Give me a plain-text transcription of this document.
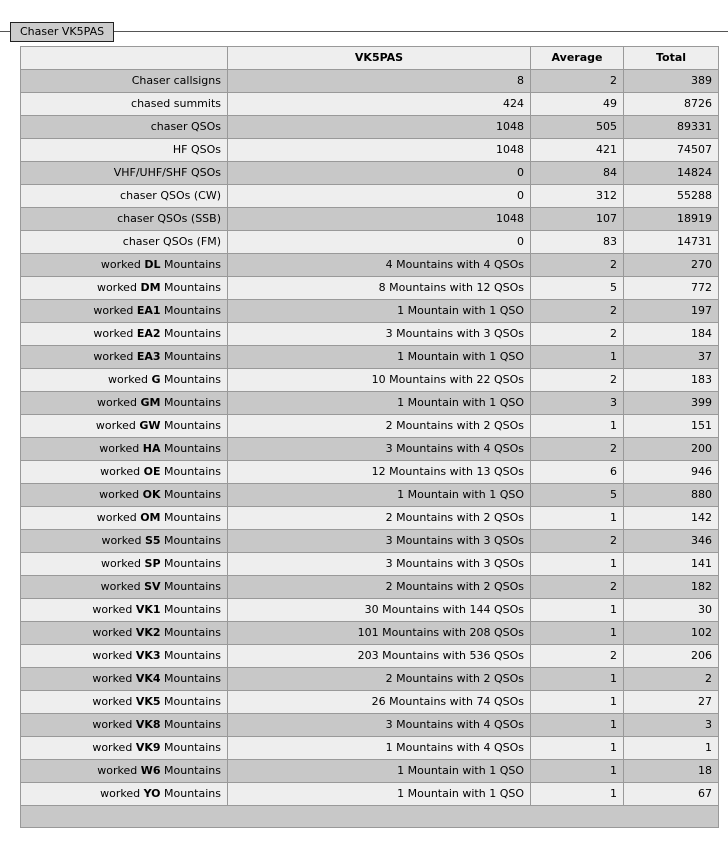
Chaser VK5PAS
	VK5PAS	Average	Total
Chaser callsigns	8	2	389
chased summits	424	49	8726
chaser QSOs	1048	505	89331
HF QSOs	1048	421	74507
VHF/UHF/SHF QSOs	0	84	14824
chaser QSOs (CW)	0	312	55288
chaser QSOs (SSB)	1048	107	18919
chaser QSOs (FM)	0	83	14731
worked DL Mountains	4 Mountains with 4 QSOs	2	270
worked DM Mountains	8 Mountains with 12 QSOs	5	772
worked EA1 Mountains	1 Mountain with 1 QSO	2	197
worked EA2 Mountains	3 Mountains with 3 QSOs	2	184
worked EA3 Mountains	1 Mountain with 1 QSO	1	37
worked G Mountains	10 Mountains with 22 QSOs	2	183
worked GM Mountains	1 Mountain with 1 QSO	3	399
worked GW Mountains	2 Mountains with 2 QSOs	1	151
worked HA Mountains	3 Mountains with 4 QSOs	2	200
worked OE Mountains	12 Mountains with 13 QSOs	6	946
worked OK Mountains	1 Mountain with 1 QSO	5	880
worked OM Mountains	2 Mountains with 2 QSOs	1	142
worked S5 Mountains	3 Mountains with 3 QSOs	2	346
worked SP Mountains	3 Mountains with 3 QSOs	1	141
worked SV Mountains	2 Mountains with 2 QSOs	2	182
worked VK1 Mountains	30 Mountains with 144 QSOs	1	30
worked VK2 Mountains	101 Mountains with 208 QSOs	1	102
worked VK3 Mountains	203 Mountains with 536 QSOs	2	206
worked VK4 Mountains	2 Mountains with 2 QSOs	1	2
worked VK5 Mountains	26 Mountains with 74 QSOs	1	27
worked VK8 Mountains	3 Mountains with 4 QSOs	1	3
worked VK9 Mountains	1 Mountains with 4 QSOs	1	1
worked W6 Mountains	1 Mountain with 1 QSO	1	18
worked YO Mountains	1 Mountain with 1 QSO	1	67
